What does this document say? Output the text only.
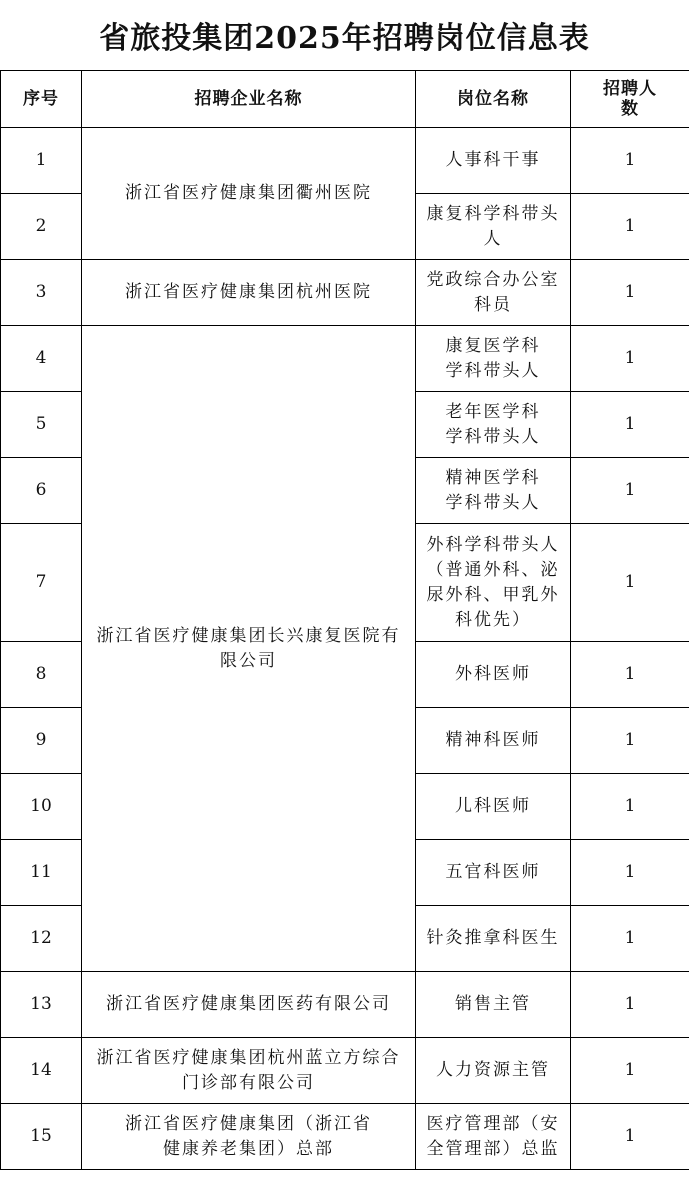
省旅投集团2025年招聘岗位信息表
序号	招聘企业名称	岗位名称	招聘人数
1	浙江省医疗健康集团衢州医院	人事科干事	1
2		康复科学科带头人	1
3	浙江省医疗健康集团杭州医院	党政综合办公室科员	1
4	浙江省医疗健康集团长兴康复医院有限公司	康复医学科学科带头人	1
5		老年医学科学科带头人	1
6		精神医学科学科带头人	1
7		外科学科带头人（普通外科、泌尿外科、甲乳外科优先）	1
8		外科医师	1
9		精神科医师	1
10		儿科医师	1
11		五官科医师	1
12		针灸推拿科医生	1
13	浙江省医疗健康集团医药有限公司	销售主管	1
14	浙江省医疗健康集团杭州蓝立方综合门诊部有限公司	人力资源主管	1
15	浙江省医疗健康集团（浙江省健康养老集团）总部	医疗管理部（安全管理部）总监	1
